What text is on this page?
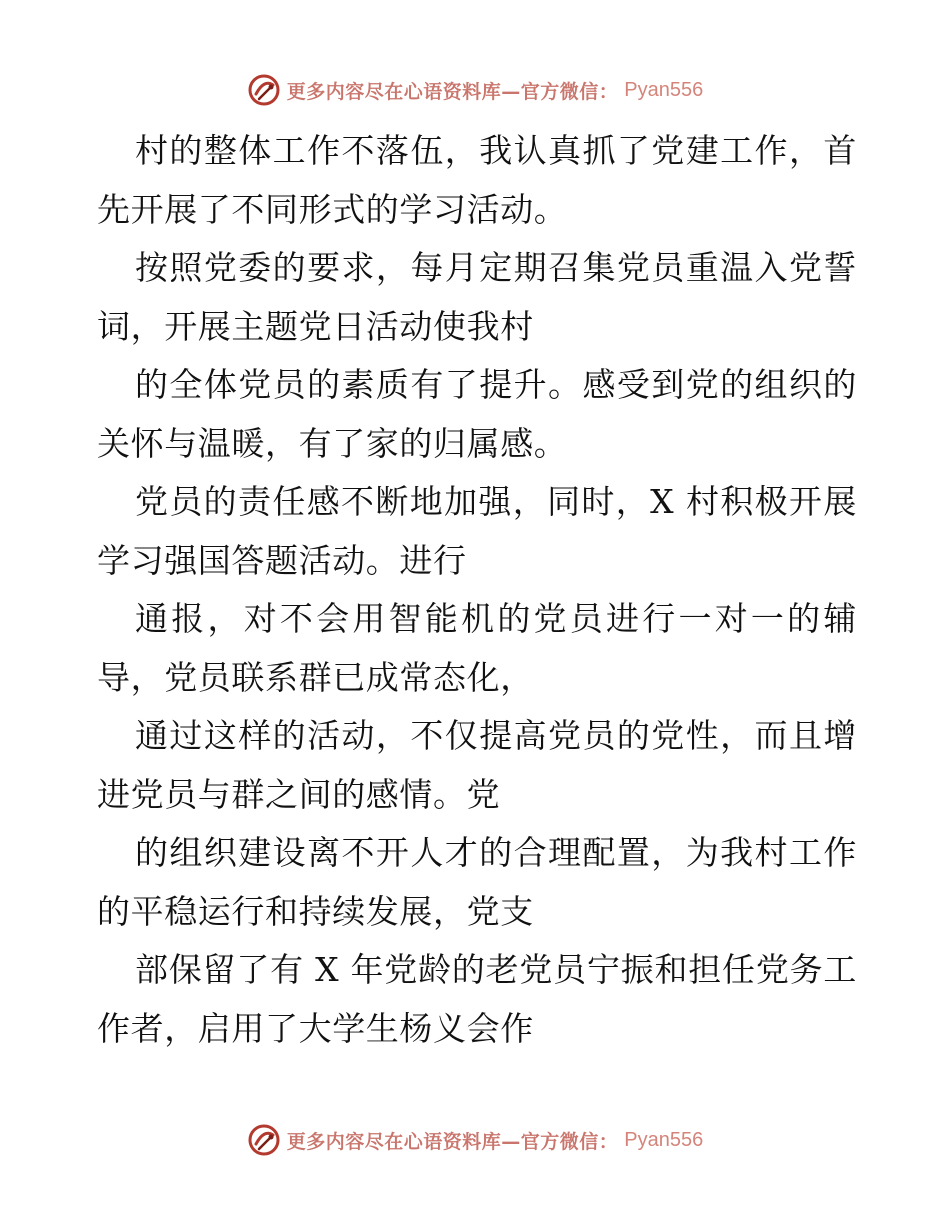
更多内容尽在心语资料库—官方微信： Pyan556

村的整体工作不落伍，我认真抓了党建工作，首先开展了不同形式的学习活动。

按照党委的要求，每月定期召集党员重温入党誓词，开展主题党日活动使我村

的全体党员的素质有了提升。感受到党的组织的关怀与温暖，有了家的归属感。

党员的责任感不断地加强，同时，X 村积极开展学习强国答题活动。进行

通报，对不会用智能机的党员进行一对一的辅导，党员联系群已成常态化，

通过这样的活动，不仅提高党员的党性，而且增进党员与群之间的感情。党

的组织建设离不开人才的合理配置，为我村工作的平稳运行和持续发展，党支

部保留了有 X 年党龄的老党员宁振和担任党务工作者，启用了大学生杨义会作

更多内容尽在心语资料库—官方微信： Pyan556
